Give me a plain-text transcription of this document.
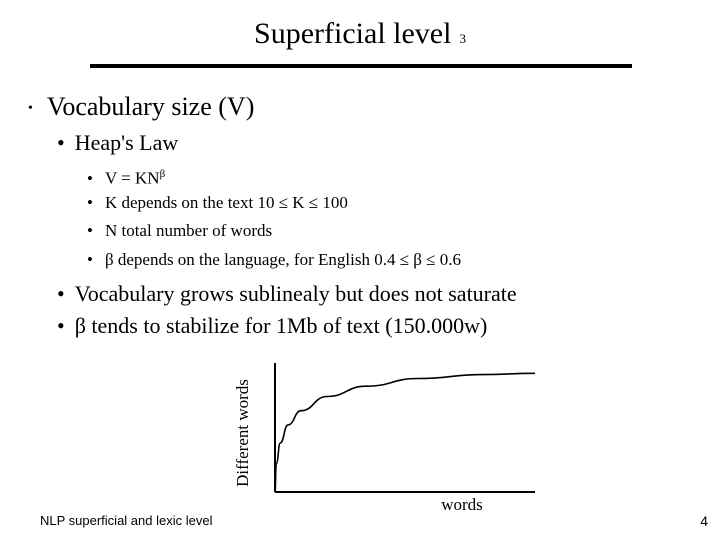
Superficial level 3
• Vocabulary size (V)
• Heap's Law
• $V = KN^\beta$
• K depends on the text 10 ≤ K ≤ 100
• N total number of words
• β depends on the language, for English 0.4 ≤ β ≤ 0.6
• Vocabulary grows sublinealy but does not saturate
• β tends to stabilize for 1Mb of text (150.000w)
Different words
words
NLP superficial and lexic level	4
